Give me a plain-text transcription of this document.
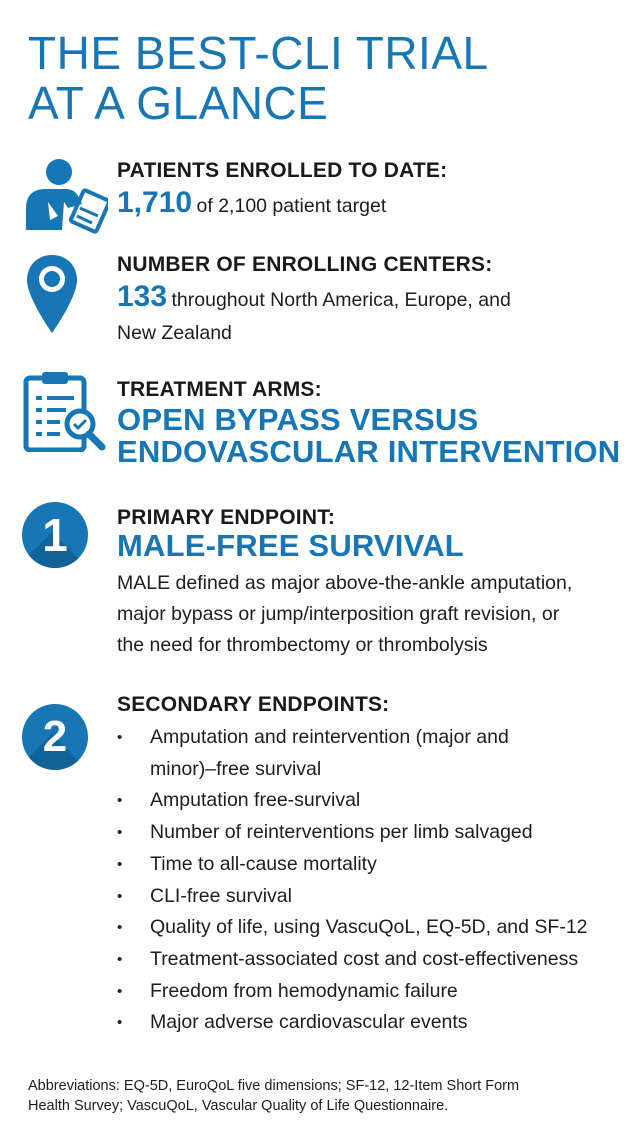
THE BEST-CLI TRIAL
AT A GLANCE
PATIENTS ENROLLED TO DATE:
1,710 of 2,100 patient target
NUMBER OF ENROLLING CENTERS:
133 throughout North America, Europe, and
New Zealand
TREATMENT ARMS:
OPEN BYPASS VERSUS
ENDOVASCULAR INTERVENTION
1	PRIMARY ENDPOINT:
MALE-FREE SURVIVAL
MALE defined as major above-the-ankle amputation,
major bypass or jump/interposition graft revision, or
the need for thrombectomy or thrombolysis
2
SECONDARY ENDPOINTS:
• Amputation and reintervention (major and
minor)–free survival
• Amputation free-survival
• Number of reinterventions per limb salvaged
• Time to all-cause mortality
• CLI-free survival
• Quality of life, using VascuQoL, EQ-5D, and SF-12
• Treatment-associated cost and cost-effectiveness
• Freedom from hemodynamic failure
• Major adverse cardiovascular events
Abbreviations: EQ-5D, EuroQoL five dimensions; SF-12, 12-Item Short Form
Health Survey; VascuQoL, Vascular Quality of Life Questionnaire.
